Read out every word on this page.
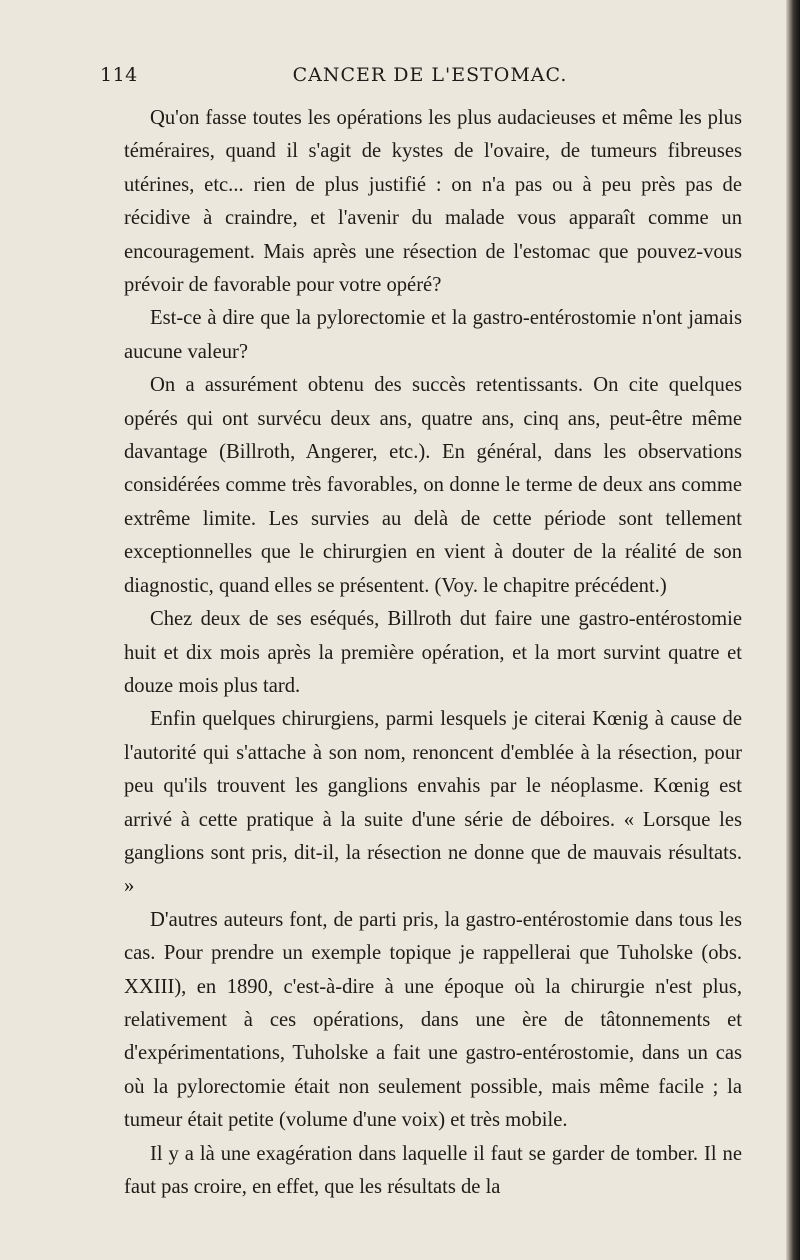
114	CANCER DE L'ESTOMAC.

Qu'on fasse toutes les opérations les plus audacieuses et même les plus téméraires, quand il s'agit de kystes de l'ovaire, de tumeurs fibreuses utérines, etc... rien de plus justifié : on n'a pas ou à peu près pas de récidive à craindre, et l'avenir du malade vous apparaît comme un encouragement. Mais après une résection de l'estomac que pouvez-vous prévoir de favorable pour votre opéré?

Est-ce à dire que la pylorectomie et la gastro-entérostomie n'ont jamais aucune valeur?

On a assurément obtenu des succès retentissants. On cite quelques opérés qui ont survécu deux ans, quatre ans, cinq ans, peut-être même davantage (Billroth, Angerer, etc.). En général, dans les observations considérées comme très favorables, on donne le terme de deux ans comme extrême limite. Les survies au delà de cette période sont tellement exceptionnelles que le chirurgien en vient à douter de la réalité de son diagnostic, quand elles se présentent. (Voy. le chapitre précédent.)

Chez deux de ses eséqués, Billroth dut faire une gastro-entérostomie huit et dix mois après la première opération, et la mort survint quatre et douze mois plus tard.

Enfin quelques chirurgiens, parmi lesquels je citerai Kœnig à cause de l'autorité qui s'attache à son nom, renoncent d'emblée à la résection, pour peu qu'ils trouvent les ganglions envahis par le néoplasme. Kœnig est arrivé à cette pratique à la suite d'une série de déboires. « Lorsque les ganglions sont pris, dit-il, la résection ne donne que de mauvais résultats. »

D'autres auteurs font, de parti pris, la gastro-entérostomie dans tous les cas. Pour prendre un exemple topique je rappellerai que Tuholske (obs. XXIII), en 1890, c'est-à-dire à une époque où la chirurgie n'est plus, relativement à ces opérations, dans une ère de tâtonnements et d'expérimentations, Tuholske a fait une gastro-entérostomie, dans un cas où la pylorectomie était non seulement possible, mais même facile ; la tumeur était petite (volume d'une voix) et très mobile.

Il y a là une exagération dans laquelle il faut se garder de tomber. Il ne faut pas croire, en effet, que les résultats de la
